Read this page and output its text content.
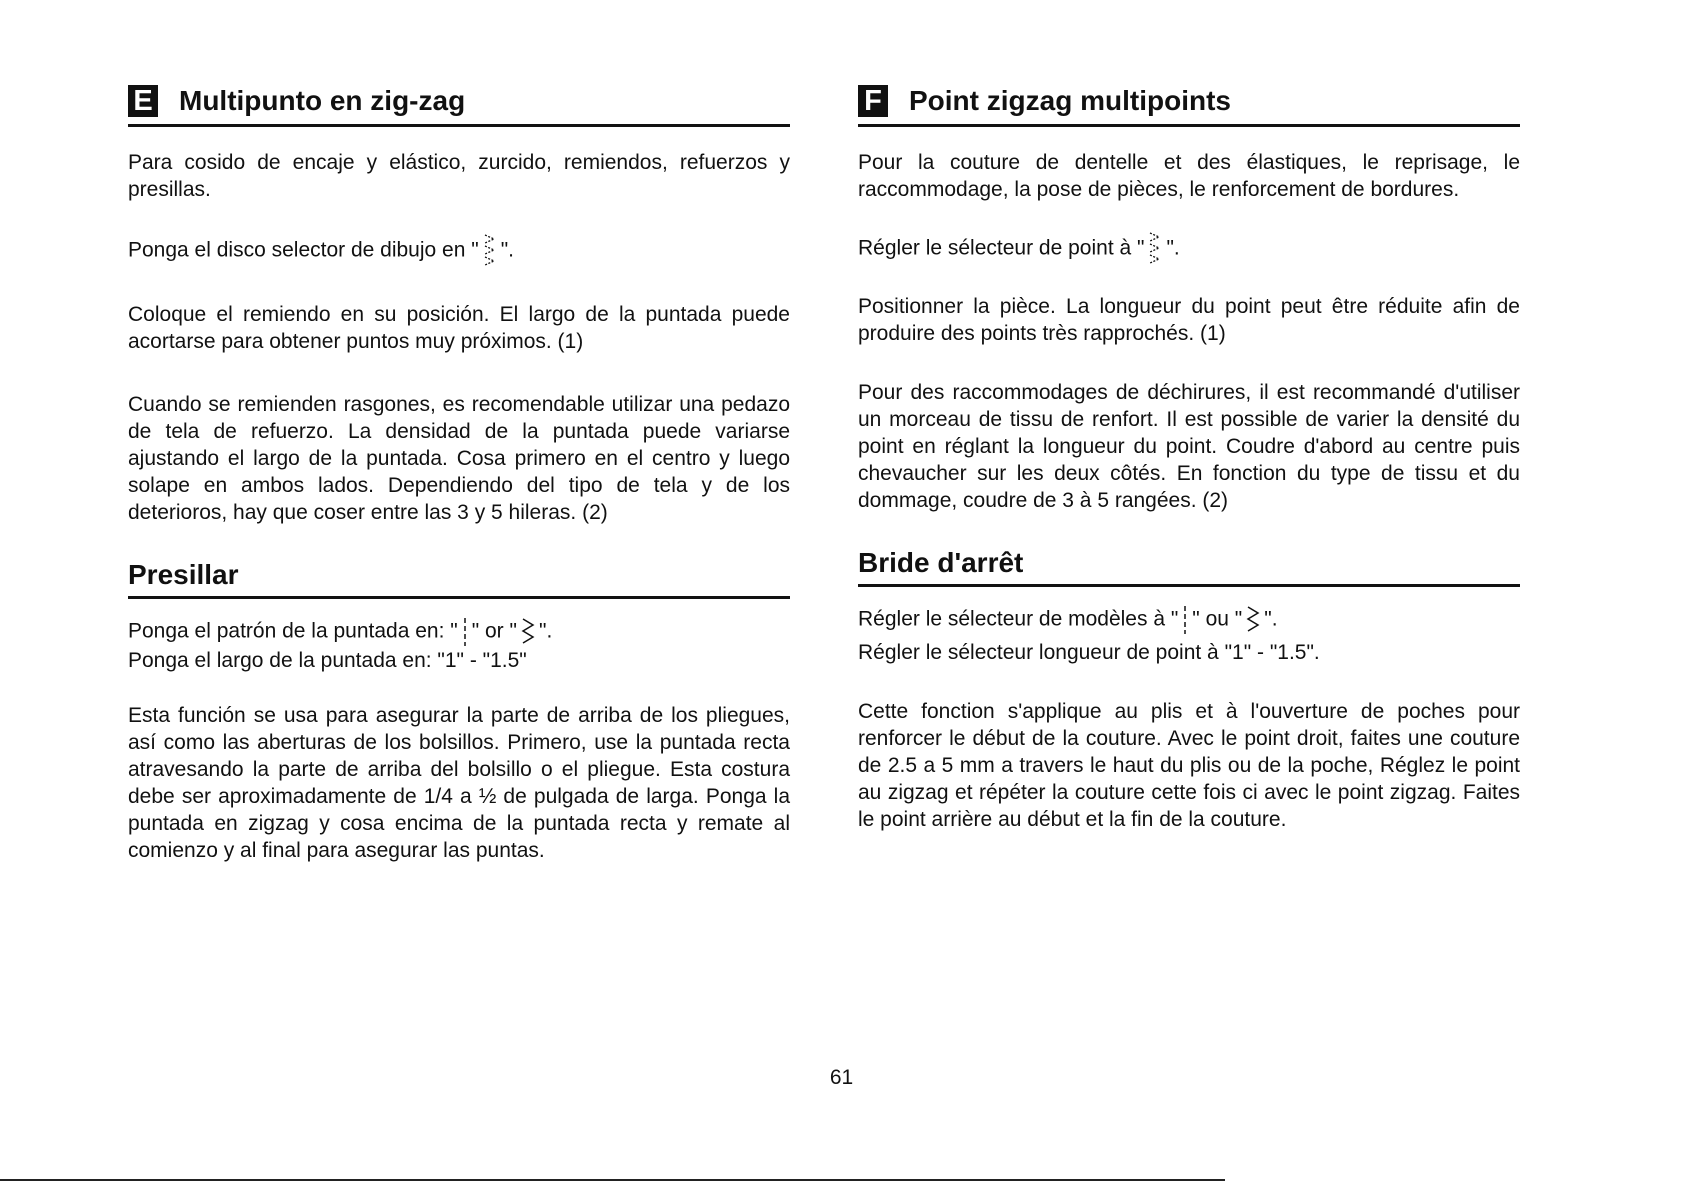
E Multipunto en zig-zag

Para cosido de encaje y elástico, zurcido, remiendos, refuerzos y presillas.

Ponga el disco selector de dibujo en " ".

Coloque el remiendo en su posición. El largo de la puntada puede acortarse para obtener puntos muy próximos. (1)

Cuando se remienden rasgones, es recomendable utilizar una pedazo de tela de refuerzo. La densidad de la puntada puede variarse ajustando el largo de la puntada. Cosa primero en el centro y luego solape en ambos lados. Dependiendo del tipo de tela y de los deterioros, hay que coser entre las 3 y 5 hileras. (2)

Presillar
Ponga el patrón de la puntada en: " " or " ".
Ponga el largo de la puntada en: "1" - "1.5"

Esta función se usa para asegurar la parte de arriba de los pliegues, así como las aberturas de los bolsillos. Primero, use la puntada recta atravesando la parte de arriba del bolsillo o el pliegue. Esta costura debe ser aproximadamente de 1/4 a ½ de pulgada de larga. Ponga la puntada en zigzag y cosa encima de la puntada recta y remate al comienzo y al final para asegurar las puntas.

F Point zigzag multipoints

Pour la couture de dentelle et des élastiques, le reprisage, le raccommodage, la pose de pièces, le renforcement de bordures.

Régler le sélecteur de point à " ".

Positionner la pièce. La longueur du point peut être réduite afin de produire des points très rapprochés. (1)

Pour des raccommodages de déchirures, il est recommandé d'utiliser un morceau de tissu de renfort. Il est possible de varier la densité du point en réglant la longueur du point. Coudre d'abord au centre puis chevaucher sur les deux côtés. En fonction du type de tissu et du dommage, coudre de 3 à 5 rangées. (2)

Bride d'arrêt
Régler le sélecteur de modèles à " " ou " ".
Régler le sélecteur longueur de point à "1" - "1.5".

Cette fonction s'applique au plis et à l'ouverture de poches pour renforcer le début de la couture. Avec le point droit, faites une couture de 2.5 a 5 mm a travers le haut du plis ou de la poche, Réglez le point au zigzag et répéter la couture cette fois ci avec le point zigzag. Faites le point arrière au début et la fin de la couture.

61
